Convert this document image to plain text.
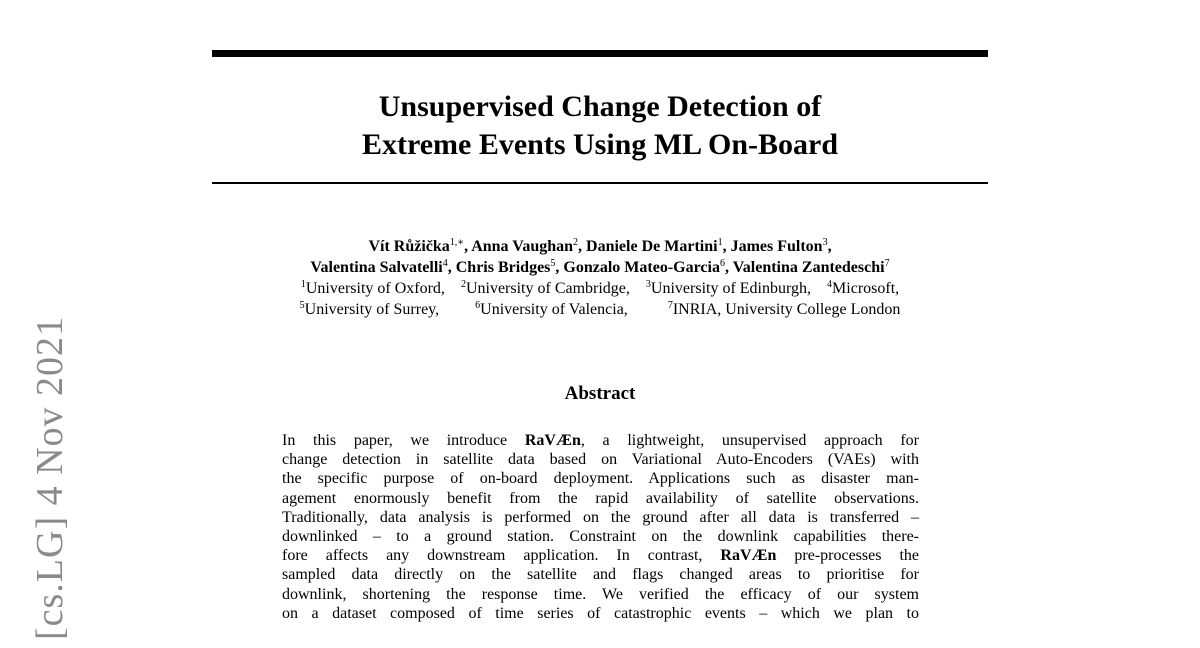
Unsupervised Change Detection of
Extreme Events Using ML On-Board
Vít Růžička$^{1,∗}$, Anna Vaughan$^2$, Daniele De Martini$^1$, James Fulton$^3$,
Valentina Salvatelli$^4$, Chris Bridges$^5$, Gonzalo Mateo-Garcia$^6$, Valentina Zantedeschi$^7$
$^1$University of Oxford, $^2$University of Cambridge, $^3$University of Edinburgh, $^4$Microsoft,
$^5$University of Surrey,	$^6$University of Valencia,	$^7$INRIA, University College London
Abstract
In this paper, we introduce RaVÆn, a lightweight, unsupervised approach for
change detection in satellite data based on Variational Auto-Encoders (VAEs) with
the specific purpose of on-board deployment. Applications such as disaster man-
agement enormously benefit from the rapid availability of satellite observations.
Traditionally, data analysis is performed on the ground after all data is transferred –
downlinked – to a ground station. Constraint on the downlink capabilities there-
fore affects any downstream application. In contrast, RaVÆn pre-processes the
sampled data directly on the satellite and flags changed areas to prioritise for
downlink, shortening the response time. We verified the efficacy of our system
on a dataset composed of time series of catastrophic events – which we plan to
[cs.LG] 4 Nov 2021
